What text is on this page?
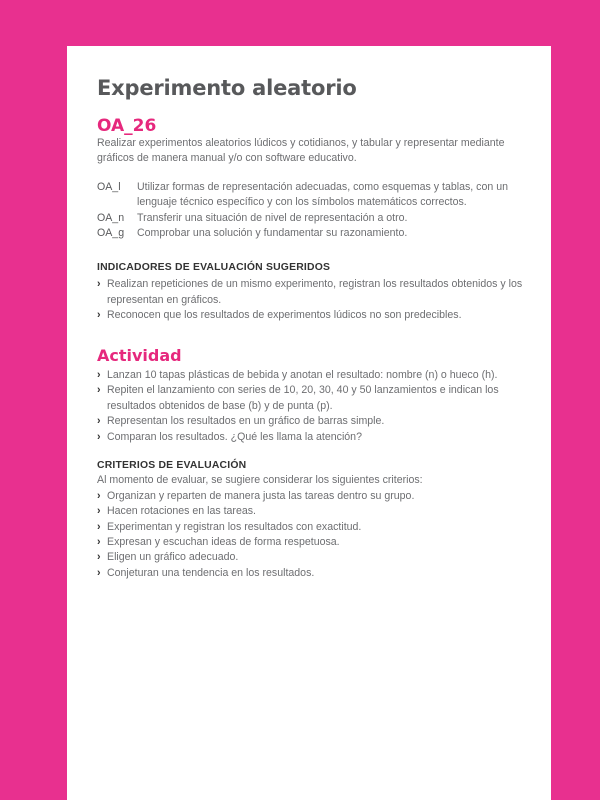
Experimento aleatorio
OA_26
Realizar experimentos aleatorios lúdicos y cotidianos, y tabular y representar mediante gráficos de manera manual y/o con software educativo.
OA_l	Utilizar formas de representación adecuadas, como esquemas y tablas, con un lenguaje técnico específico y con los símbolos matemáticos correctos.
OA_n	Transferir una situación de nivel de representación a otro.
OA_g	Comprobar una solución y fundamentar su razonamiento.
INDICADORES DE EVALUACIÓN SUGERIDOS
› Realizan repeticiones de un mismo experimento, registran los resultados obtenidos y los representan en gráficos.
› Reconocen que los resultados de experimentos lúdicos no son predecibles.
Actividad
› Lanzan 10 tapas plásticas de bebida y anotan el resultado: nombre (n) o hueco (h).
› Repiten el lanzamiento con series de 10, 20, 30, 40 y 50 lanzamientos e indican los resultados obtenidos de base (b) y de punta (p).
› Representan los resultados en un gráfico de barras simple.
› Comparan los resultados. ¿Qué les llama la atención?
CRITERIOS DE EVALUACIÓN
Al momento de evaluar, se sugiere considerar los siguientes criterios:
› Organizan y reparten de manera justa las tareas dentro su grupo.
› Hacen rotaciones en las tareas.
› Experimentan y registran los resultados con exactitud.
› Expresan y escuchan ideas de forma respetuosa.
› Eligen un gráfico adecuado.
› Conjeturan una tendencia en los resultados.
